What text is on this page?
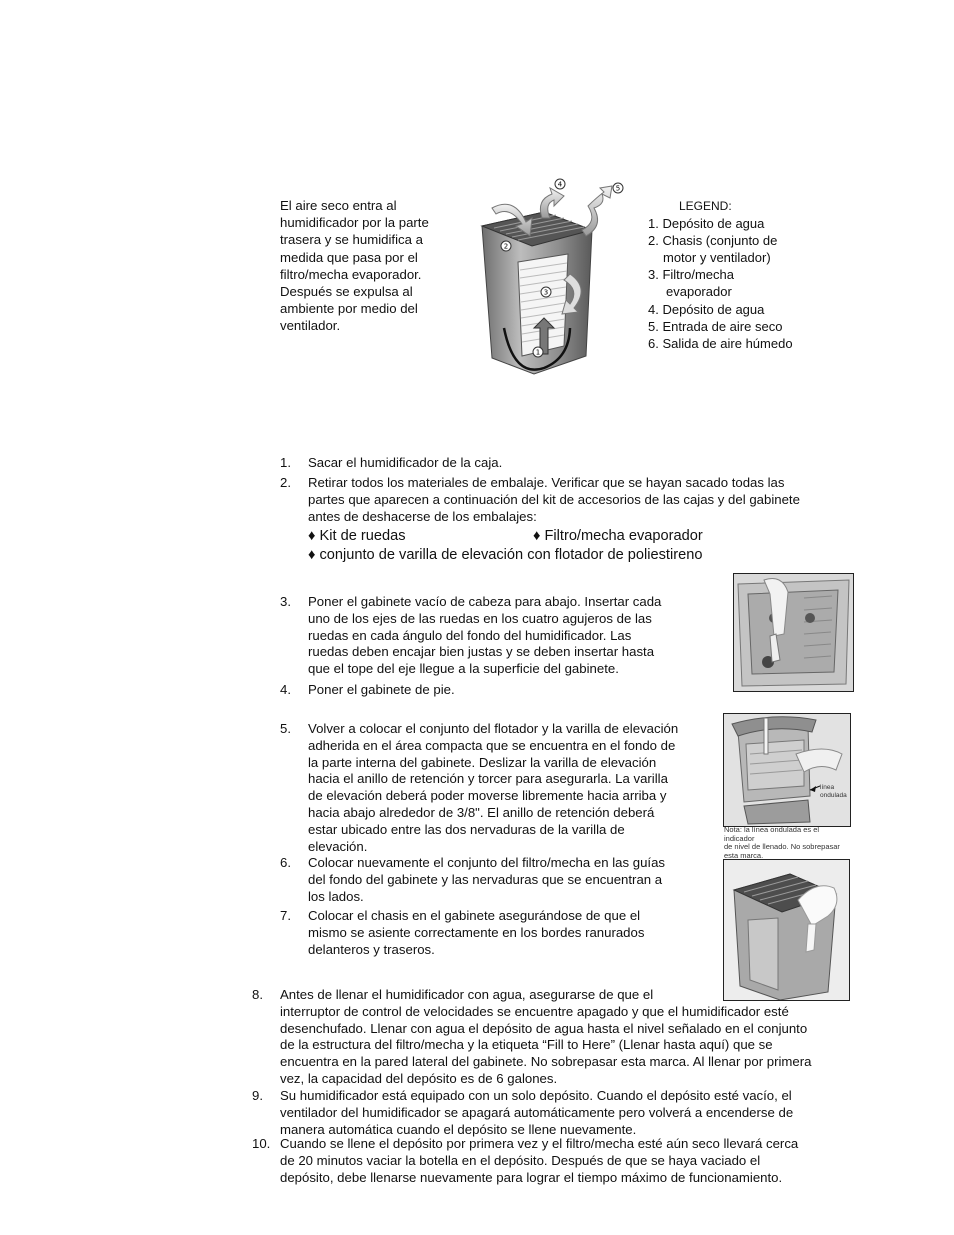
El aire seco entra al
humidificador por la parte
trasera y se humidifica a
medida que pasa por el
filtro/mecha evaporador.
Después se expulsa al
ambiente por medio del
ventilador.
1
2
3
4	5
LEGEND:
1. Depósito de agua
2. Chasis (conjunto de
motor y ventilador)
3. Filtro/mecha
evaporador
4. Depósito de agua
5. Entrada de aire seco
6. Salida de aire húmedo
1.	Sacar el humidificador de la caja.
2.	Retirar todos los materiales de embalaje. Verificar que se hayan sacado todas las
partes que aparecen a continuación del kit de accesorios de las cajas y del gabinete
antes de deshacerse de los embalajes:
♦ Kit de ruedas	♦ Filtro/mecha evaporador
♦ conjunto de varilla de elevación con flotador de poliestireno
3.	Poner el gabinete vacío de cabeza para abajo. Insertar cada
uno de los ejes de las ruedas en los cuatro agujeros de las
ruedas en cada ángulo del fondo del humidificador. Las
ruedas deben encajar bien justas y se deben insertar hasta
que el tope del eje llegue a la superficie del gabinete.
4.	Poner el gabinete de pie.
5.	Volver a colocar el conjunto del flotador y la varilla de elevación
adherida en el área compacta que se encuentra en el fondo de
la parte interna del gabinete. Deslizar la varilla de elevación
hacia el anillo de retención y torcer para asegurarla. La varilla
de elevación deberá poder moverse libremente hacia arriba y
hacia abajo alrededor de 3/8". El anillo de retención deberá
estar ubicado entre las dos nervaduras de la varilla de
elevación.
línea
ondulada
Nota: la línea ondulada es el indicador
de nivel de llenado. No sobrepasar
esta marca.
6.	Colocar nuevamente el conjunto del filtro/mecha en las guías
del fondo del gabinete y las nervaduras que se encuentran a
los lados.
7.	Colocar el chasis en el gabinete asegurándose de que el
mismo se asiente correctamente en los bordes ranurados
delanteros y traseros.
8.	Antes de llenar el humidificador con agua, asegurarse de que el
interruptor de control de velocidades se encuentre apagado y que el humidificador esté
desenchufado. Llenar con agua el depósito de agua hasta el nivel señalado en el conjunto
de la estructura del filtro/mecha y la etiqueta “Fill to Here” (Llenar hasta aquí) que se
encuentra en la pared lateral del gabinete. No sobrepasar esta marca. Al llenar por primera
vez, la capacidad del depósito es de 6 galones.
9.	Su humidificador está equipado con un solo depósito. Cuando el depósito esté vacío, el
ventilador del humidificador se apagará automáticamente pero volverá a encenderse de
manera automática cuando el depósito se llene nuevamente.
10. Cuando se llene el depósito por primera vez y el filtro/mecha esté aún seco llevará cerca
de 20 minutos vaciar la botella en el depósito. Después de que se haya vaciado el
depósito, debe llenarse nuevamente para lograr el tiempo máximo de funcionamiento.
